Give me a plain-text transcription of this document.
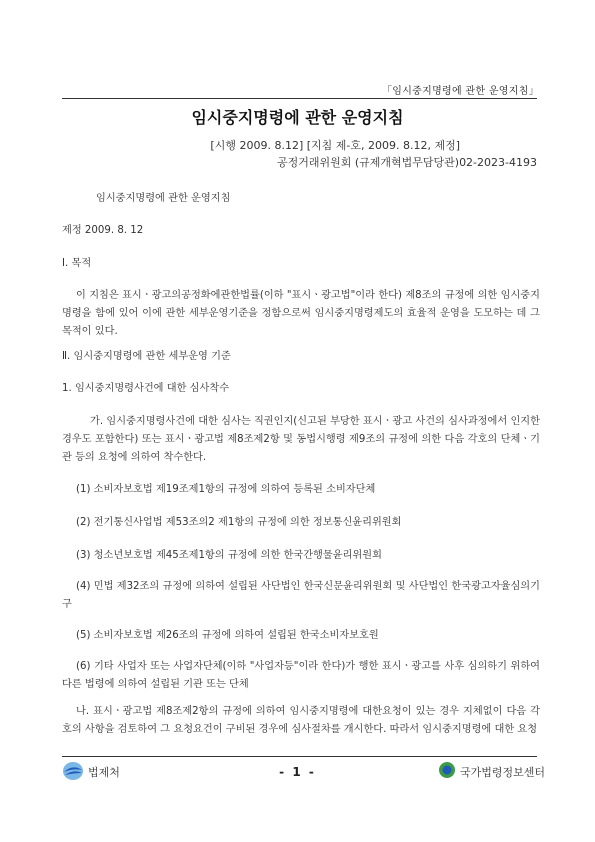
「임시중지명령에 관한 운영지침」
임시중지명령에 관한 운영지침
[시행 2009. 8.12] [지침 제-호, 2009. 8.12, 제정]
공정거래위원회 (규제개혁법무담당관)02-2023-4193
임시중지명령에 관한 운영지침
제정 2009. 8. 12
Ⅰ. 목적
이 지침은 표시ㆍ광고의공정화에관한법률(이하 "표시ㆍ광고법"이라 한다) 제8조의 규정에 의한 임시중지명령을 함에 있어 이에 관한 세부운영기준을 정함으로써 임시중지명령제도의 효율적 운영을 도모하는 데 그 목적이 있다.
Ⅱ. 임시중지명령에 관한 세부운영 기준
1. 임시중지명령사건에 대한 심사착수
가. 임시중지명령사건에 대한 심사는 직권인지(신고된 부당한 표시ㆍ광고 사건의 심사과정에서 인지한 경우도 포함한다) 또는 표시ㆍ광고법 제8조제2항 및 동법시행령 제9조의 규정에 의한 다음 각호의 단체ㆍ기관 등의 요청에 의하여 착수한다.
(1) 소비자보호법 제19조제1항의 규정에 의하여 등록된 소비자단체
(2) 전기통신사업법 제53조의2 제1항의 규정에 의한 정보통신윤리위원회
(3) 청소년보호법 제45조제1항의 규정에 의한 한국간행물윤리위원회
(4) 민법 제32조의 규정에 의하여 설립된 사단법인 한국신문윤리위원회 및 사단법인 한국광고자율심의기구
(5) 소비자보호법 제26조의 규정에 의하여 설립된 한국소비자보호원
(6) 기타 사업자 또는 사업자단체(이하 "사업자등"이라 한다)가 행한 표시ㆍ광고를 사후 심의하기 위하여 다른 법령에 의하여 설립된 기관 또는 단체
나. 표시ㆍ광고법 제8조제2항의 규정에 의하여 임시중지명령에 대한요청이 있는 경우 지체없이 다음 각호의 사항을 검토하여 그 요청요건이 구비된 경우에 심사절차를 개시한다. 따라서 임시중지명령에 대한 요청
법제처	- 1 -	국가법령정보센터
